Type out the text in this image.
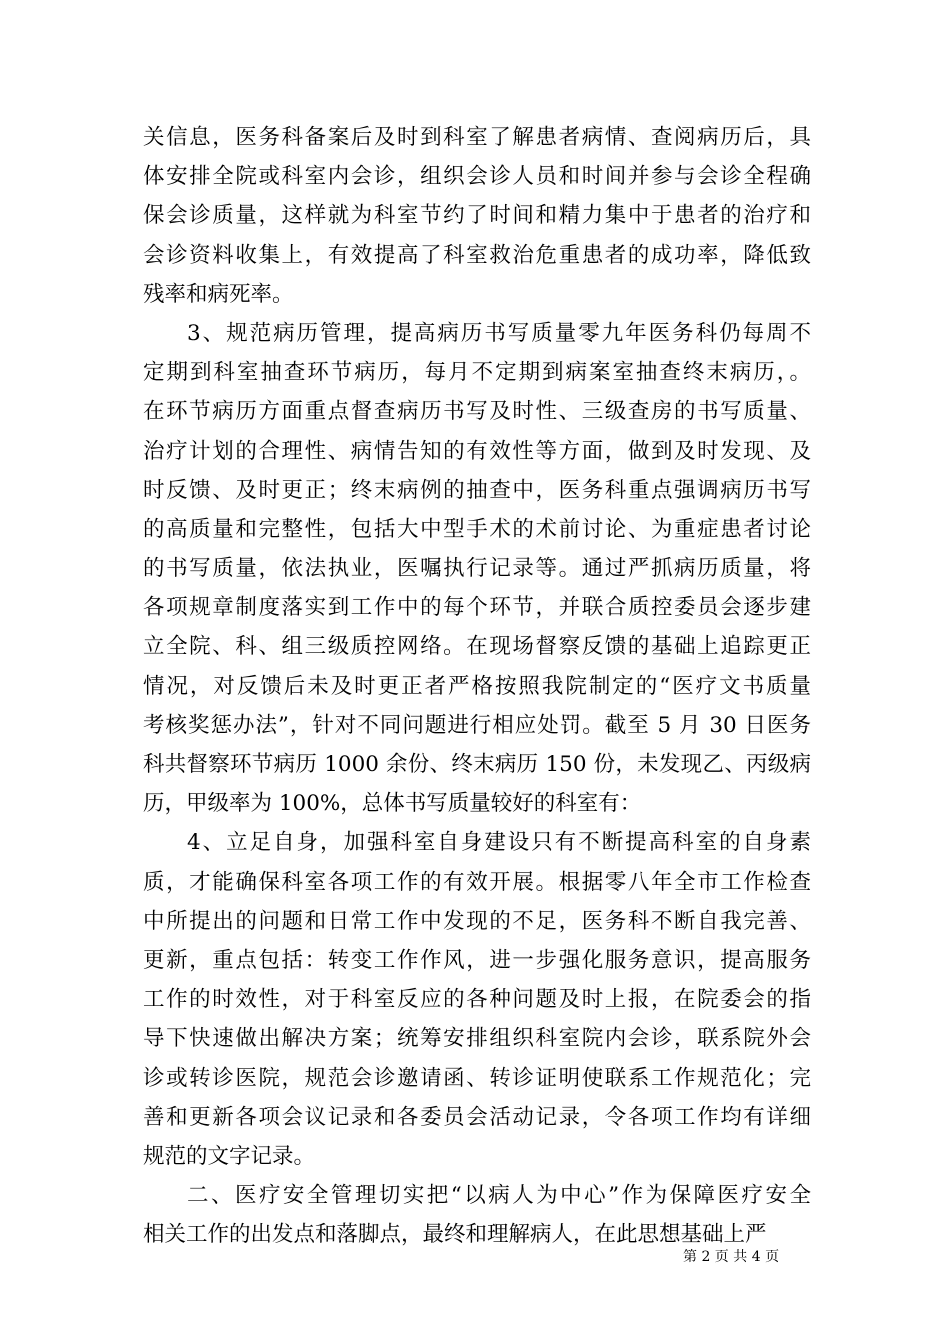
关信息，医务科备案后及时到科室了解患者病情、查阅病历后，具
体安排全院或科室内会诊，组织会诊人员和时间并参与会诊全程确
保会诊质量，这样就为科室节约了时间和精力集中于患者的治疗和
会诊资料收集上，有效提高了科室救治危重患者的成功率，降低致
残率和病死率。
3、规范病历管理，提高病历书写质量零九年医务科仍每周不
定期到科室抽查环节病历，每月不定期到病案室抽查终末病历，。
在环节病历方面重点督查病历书写及时性、三级查房的书写质量、
治疗计划的合理性、病情告知的有效性等方面，做到及时发现、及
时反馈、及时更正；终末病例的抽查中，医务科重点强调病历书写
的高质量和完整性，包括大中型手术的术前讨论、为重症患者讨论
的书写质量，依法执业，医嘱执行记录等。通过严抓病历质量，将
各项规章制度落实到工作中的每个环节，并联合质控委员会逐步建
立全院、科、组三级质控网络。在现场督察反馈的基础上追踪更正
情况，对反馈后未及时更正者严格按照我院制定的“医疗文书质量
考核奖惩办法”，针对不同问题进行相应处罚。截至 5 月 30 日医务
科共督察环节病历 1000 余份、终末病历 150 份，未发现乙、丙级病
历，甲级率为 100%，总体书写质量较好的科室有：
4、立足自身，加强科室自身建设只有不断提高科室的自身素
质，才能确保科室各项工作的有效开展。根据零八年全市工作检查
中所提出的问题和日常工作中发现的不足，医务科不断自我完善、
更新，重点包括：转变工作作风，进一步强化服务意识，提高服务
工作的时效性，对于科室反应的各种问题及时上报，在院委会的指
导下快速做出解决方案；统筹安排组织科室院内会诊，联系院外会
诊或转诊医院，规范会诊邀请函、转诊证明使联系工作规范化；完
善和更新各项会议记录和各委员会活动记录，令各项工作均有详细
规范的文字记录。
二、医疗安全管理切实把“以病人为中心”作为保障医疗安全
相关工作的出发点和落脚点，最终和理解病人，在此思想基础上严
第 2 页 共 4 页
